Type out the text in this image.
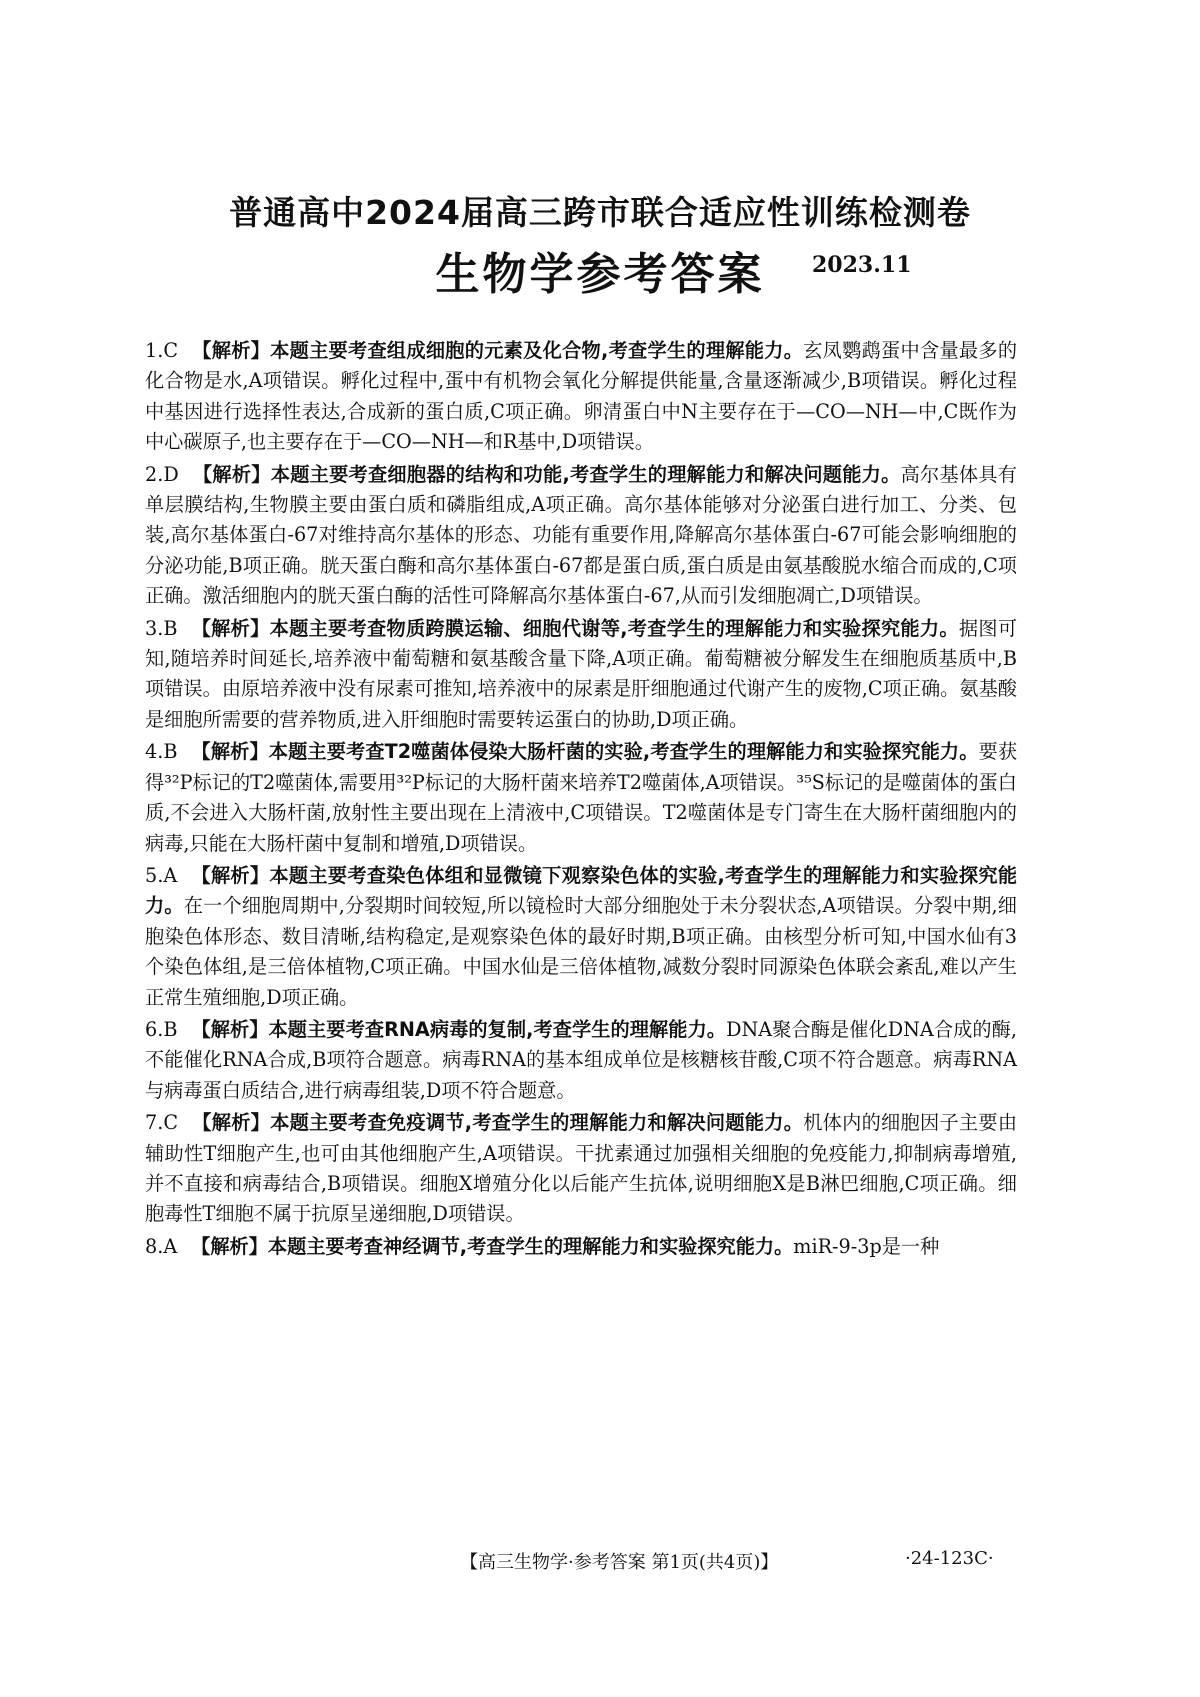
普通高中2024届高三跨市联合适应性训练检测卷
生物学参考答案	2023.11
1.C 【解析】本题主要考查组成细胞的元素及化合物,考查学生的理解能力。玄凤鹦鹉蛋中含量最多的化合物是水,A项错误。孵化过程中,蛋中有机物会氧化分解提供能量,含量逐渐减少,B项错误。孵化过程中基因进行选择性表达,合成新的蛋白质,C项正确。卵清蛋白中N主要存在于—CO—NH—中,C既作为中心碳原子,也主要存在于—CO—NH—和R基中,D项错误。
2.D 【解析】本题主要考查细胞器的结构和功能,考查学生的理解能力和解决问题能力。高尔基体具有单层膜结构,生物膜主要由蛋白质和磷脂组成,A项正确。高尔基体能够对分泌蛋白进行加工、分类、包装,高尔基体蛋白-67对维持高尔基体的形态、功能有重要作用,降解高尔基体蛋白-67可能会影响细胞的分泌功能,B项正确。胱天蛋白酶和高尔基体蛋白-67都是蛋白质,蛋白质是由氨基酸脱水缩合而成的,C项正确。激活细胞内的胱天蛋白酶的活性可降解高尔基体蛋白-67,从而引发细胞凋亡,D项错误。
3.B 【解析】本题主要考查物质跨膜运输、细胞代谢等,考查学生的理解能力和实验探究能力。据图可知,随培养时间延长,培养液中葡萄糖和氨基酸含量下降,A项正确。葡萄糖被分解发生在细胞质基质中,B项错误。由原培养液中没有尿素可推知,培养液中的尿素是肝细胞通过代谢产生的废物,C项正确。氨基酸是细胞所需要的营养物质,进入肝细胞时需要转运蛋白的协助,D项正确。
4.B 【解析】本题主要考查T2噬菌体侵染大肠杆菌的实验,考查学生的理解能力和实验探究能力。要获得³²P标记的T2噬菌体,需要用³²P标记的大肠杆菌来培养T2噬菌体,A项错误。³⁵S标记的是噬菌体的蛋白质,不会进入大肠杆菌,放射性主要出现在上清液中,C项错误。T2噬菌体是专门寄生在大肠杆菌细胞内的病毒,只能在大肠杆菌中复制和增殖,D项错误。
5.A 【解析】本题主要考查染色体组和显微镜下观察染色体的实验,考查学生的理解能力和实验探究能力。在一个细胞周期中,分裂期时间较短,所以镜检时大部分细胞处于未分裂状态,A项错误。分裂中期,细胞染色体形态、数目清晰,结构稳定,是观察染色体的最好时期,B项正确。由核型分析可知,中国水仙有3个染色体组,是三倍体植物,C项正确。中国水仙是三倍体植物,减数分裂时同源染色体联会紊乱,难以产生正常生殖细胞,D项正确。
6.B 【解析】本题主要考查RNA病毒的复制,考查学生的理解能力。DNA聚合酶是催化DNA合成的酶,不能催化RNA合成,B项符合题意。病毒RNA的基本组成单位是核糖核苷酸,C项不符合题意。病毒RNA与病毒蛋白质结合,进行病毒组装,D项不符合题意。
7.C 【解析】本题主要考查免疫调节,考查学生的理解能力和解决问题能力。机体内的细胞因子主要由辅助性T细胞产生,也可由其他细胞产生,A项错误。干扰素通过加强相关细胞的免疫能力,抑制病毒增殖,并不直接和病毒结合,B项错误。细胞X增殖分化以后能产生抗体,说明细胞X是B淋巴细胞,C项正确。细胞毒性T细胞不属于抗原呈递细胞,D项错误。
8.A 【解析】本题主要考查神经调节,考查学生的理解能力和实验探究能力。miR-9-3p是一种
【高三生物学·参考答案 第1页(共4页)】	·24-123C·
